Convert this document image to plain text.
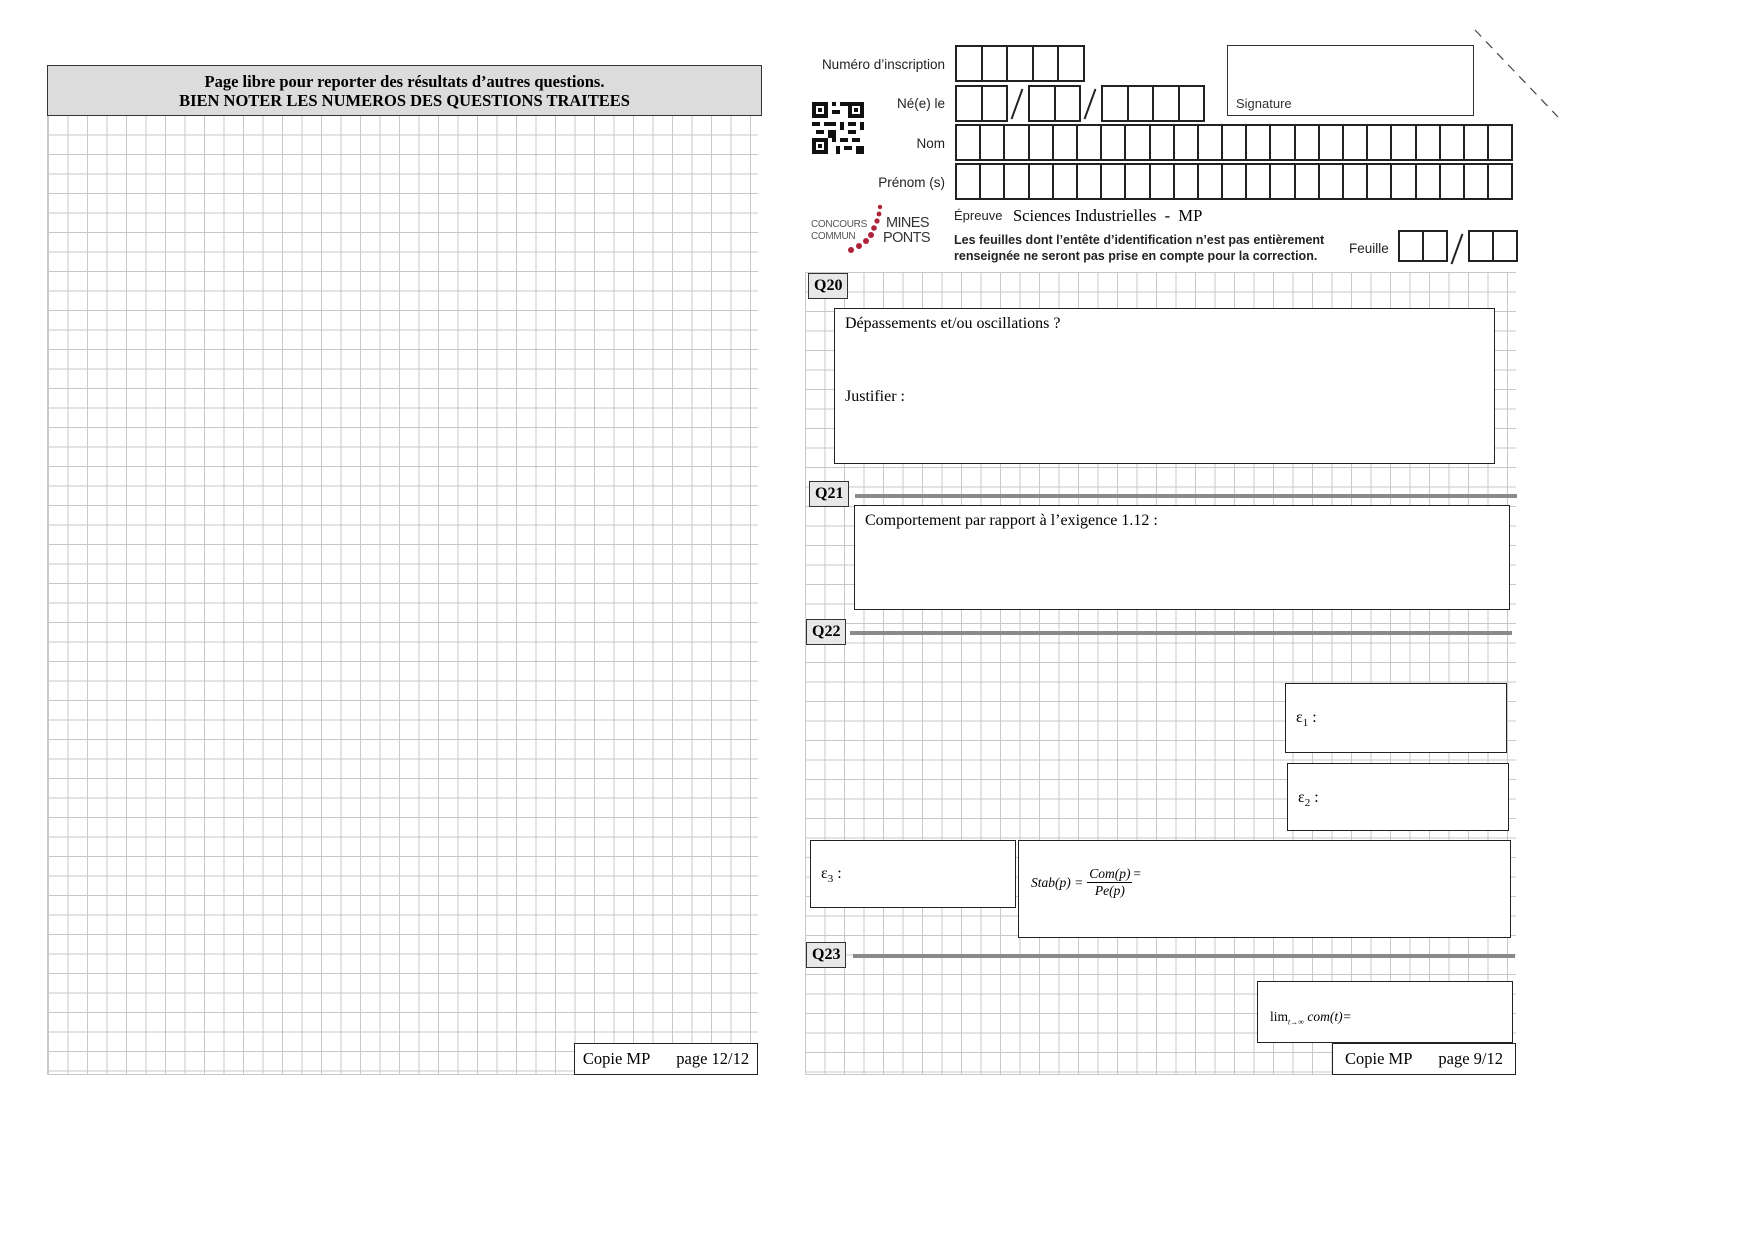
Page libre pour reporter des résultats d’autres questions.
BIEN NOTER LES NUMEROS DES QUESTIONS TRAITEES
Copie MP page 12/12
Numéro d’inscription
Né(e) le	Signature
Nom
Prénom (s)
CONCOURS
COMMUN
MINES
PONTS
Épreuve Sciences Industrielles  -  MP
Les feuilles dont l’entête d’identification n’est pas entièrement
renseignée ne seront pas prise en compte pour la correction. Feuille
Q20
Dépassements et/ou oscillations ?
Justifier :
Q21
Comportement par rapport à l’exigence 1.12 :
Q22
$\varepsilon_1$ :
$\varepsilon_2$ :
$\varepsilon_3$ :	Stab(p) =
Com(p)
Pe(p)
=
Q23
$\lim_{t\to\infty} com(t)=$
Copie MP page 9/12
